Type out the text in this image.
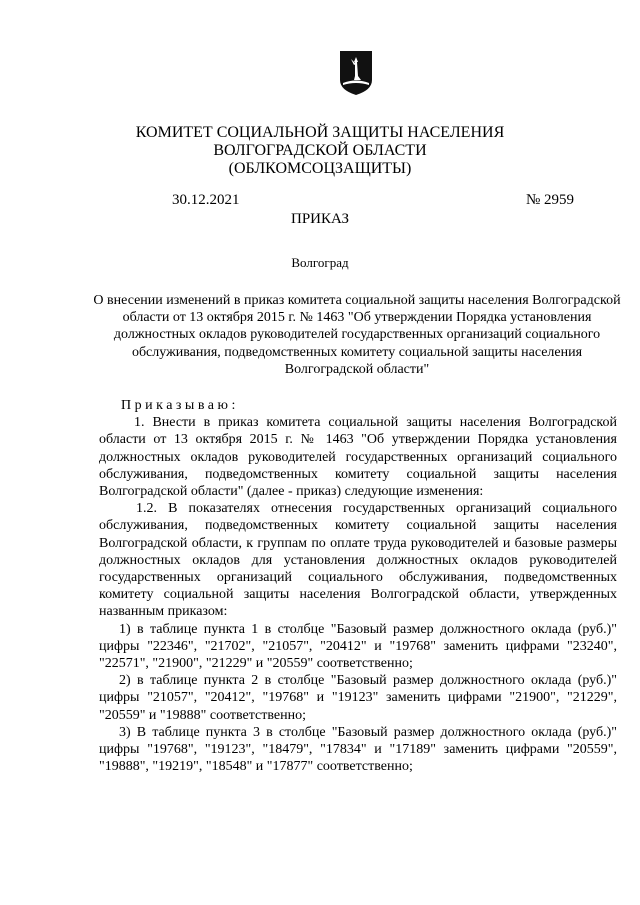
КОМИТЕТ СОЦИАЛЬНОЙ ЗАЩИТЫ НАСЕЛЕНИЯ
ВОЛГОГРАДСКОЙ ОБЛАСТИ
(ОБЛКОМСОЦЗАЩИТЫ)
30.12.2021	№ 2959
ПРИКАЗ
Волгоград
О внесении изменений в приказ комитета социальной защиты населения Волгоградской области от 13 октября 2015 г. № 1463 "Об утверждении Порядка установления должностных окладов руководителей государственных организаций социального обслуживания, подведомственных комитету социальной защиты населения Волгоградской области"

Приказываю:

1. Внести в приказ комитета социальной защиты населения Волгоградской области от 13 октября 2015 г. № 1463 "Об утверждении Порядка установления должностных окладов руководителей государственных организаций социального обслуживания, подведомственных комитету социальной защиты населения Волгоградской области" (далее - приказ) следующие изменения:

1.2. В показателях отнесения государственных организаций социального обслуживания, подведомственных комитету социальной защиты населения Волгоградской области, к группам по оплате труда руководителей и базовые размеры должностных окладов для установления должностных окладов руководителей государственных организаций социального обслуживания, подведомственных комитету социальной защиты населения Волгоградской области, утвержденных названным приказом:

1) в таблице пункта 1 в столбце "Базовый размер должностного оклада (руб.)" цифры "22346", "21702", "21057", "20412" и "19768" заменить цифрами "23240", "22571", "21900", "21229" и "20559" соответственно;

2) в таблице пункта 2 в столбце "Базовый размер должностного оклада (руб.)" цифры "21057", "20412", "19768" и "19123" заменить цифрами "21900", "21229", "20559" и "19888" соответственно;

3) В таблице пункта 3 в столбце "Базовый размер должностного оклада (руб.)" цифры "19768", "19123", "18479", "17834" и "17189" заменить цифрами "20559", "19888", "19219", "18548" и "17877" соответственно;
